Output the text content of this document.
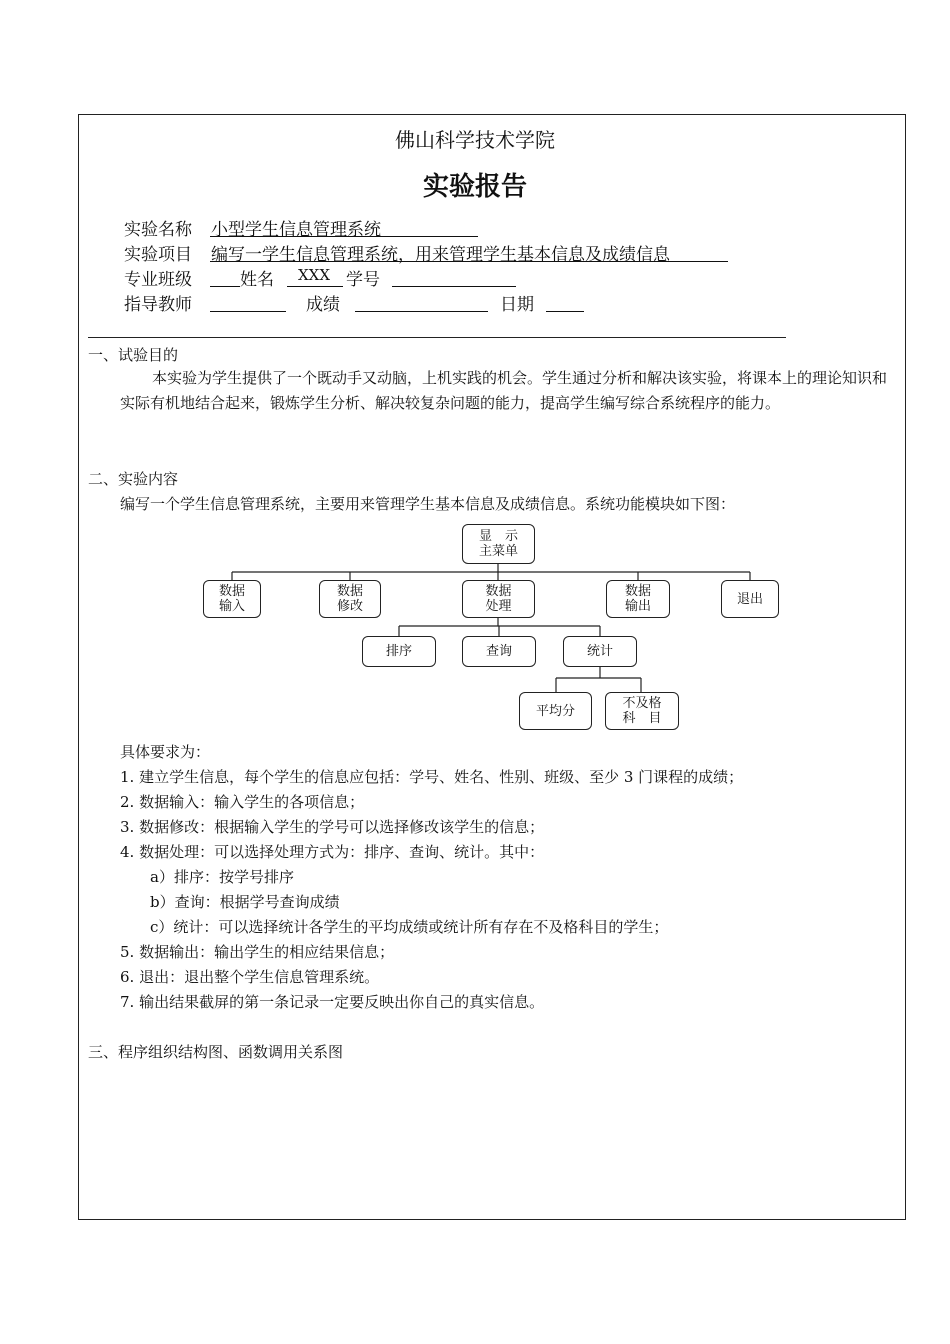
佛山科学技术学院
实验报告
实验名称 小型学生信息管理系统
实验项目 编写一学生信息管理系统，用来管理学生基本信息及成绩信息
专业班级	姓名 XXX 学号
指导教师	成绩	日期
一、试验目的
本实验为学生提供了一个既动手又动脑，上机实践的机会。学生通过分析和解决该实验，将课本上的理论知识和实际有机地结合起来，锻炼学生分析、解决较复杂问题的能力，提高学生编写综合系统程序的能力。
二、实验内容
编写一个学生信息管理系统，主要用来管理学生基本信息及成绩信息。系统功能模块如下图：
显　示
主菜单
数据
输入
数据
修改
数据
处理
数据
输出	退出
排序	查询	统计
平均分	不及格
科　目
具体要求为：
1. 建立学生信息，每个学生的信息应包括：学号、姓名、性别、班级、至少 3 门课程的成绩；
2. 数据输入：输入学生的各项信息；
3. 数据修改：根据输入学生的学号可以选择修改该学生的信息；
4. 数据处理：可以选择处理方式为：排序、查询、统计。其中：
a）排序：按学号排序
b）查询：根据学号查询成绩
c）统计：可以选择统计各学生的平均成绩或统计所有存在不及格科目的学生；
5. 数据输出：输出学生的相应结果信息；
6. 退出：退出整个学生信息管理系统。
7. 输出结果截屏的第一条记录一定要反映出你自己的真实信息。
三、程序组织结构图、函数调用关系图
